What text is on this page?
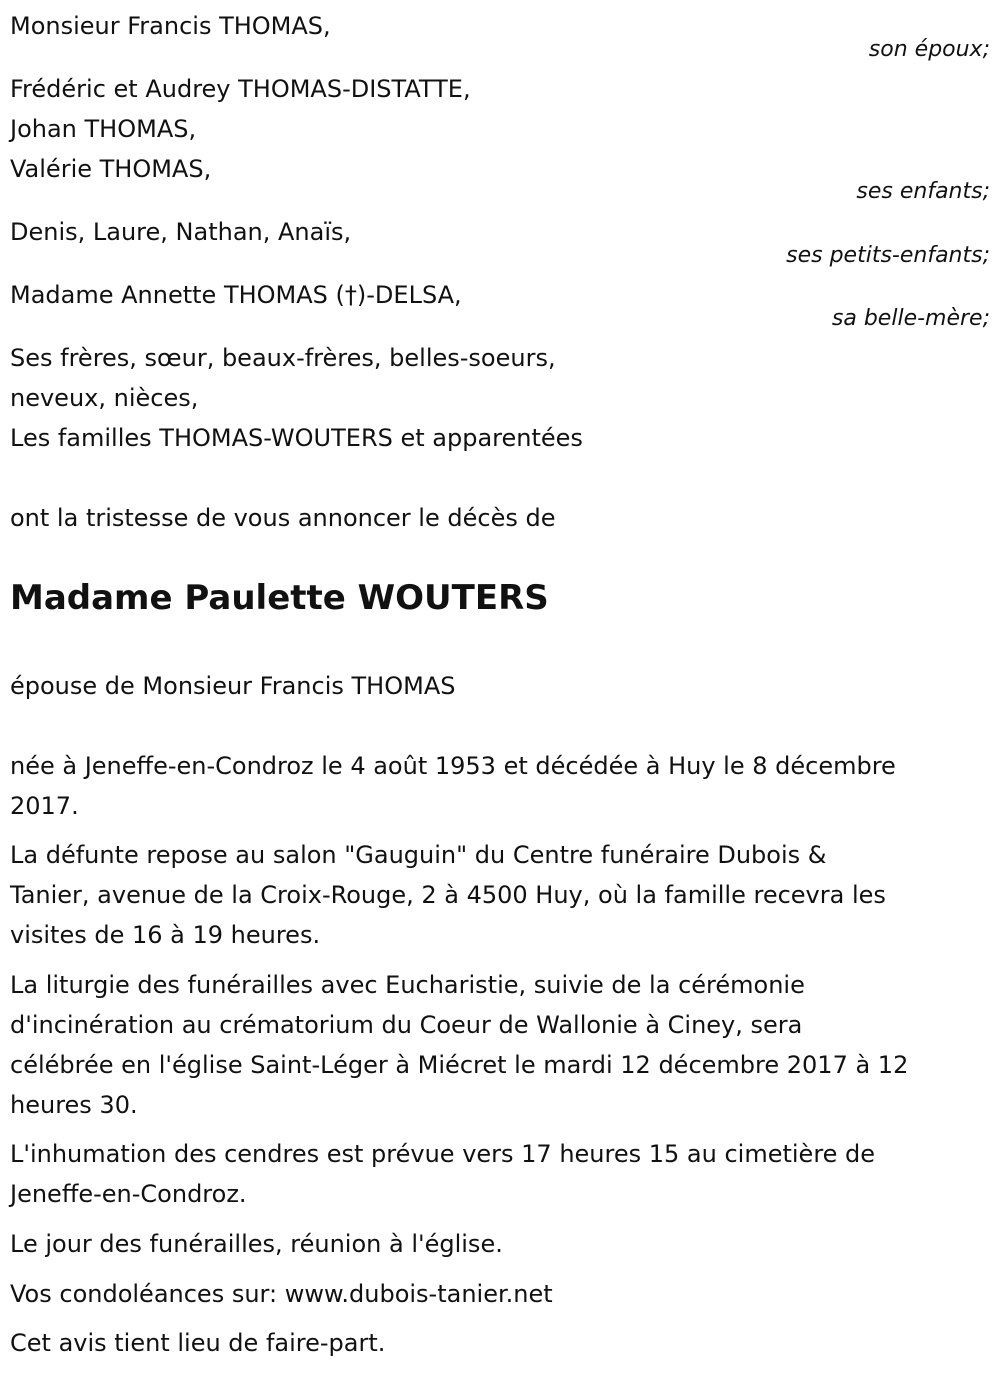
Monsieur Francis THOMAS,
son époux;
Frédéric et Audrey THOMAS-DISTATTE,
Johan THOMAS,
Valérie THOMAS,
ses enfants;
Denis, Laure, Nathan, Anaïs,
ses petits-enfants;
Madame Annette THOMAS (†)-DELSA,
sa belle-mère;
Ses frères, sœur, beaux-frères, belles-soeurs,
neveux, nièces,
Les familles THOMAS-WOUTERS et apparentées
ont la tristesse de vous annoncer le décès de
Madame Paulette WOUTERS
épouse de Monsieur Francis THOMAS
née à Jeneffe-en-Condroz le 4 août 1953 et décédée à Huy le 8 décembre
2017.
La défunte repose au salon "Gauguin" du Centre funéraire Dubois &
Tanier, avenue de la Croix-Rouge, 2 à 4500 Huy, où la famille recevra les
visites de 16 à 19 heures.
La liturgie des funérailles avec Eucharistie, suivie de la cérémonie
d'incinération au crématorium du Coeur de Wallonie à Ciney, sera
célébrée en l'église Saint-Léger à Miécret le mardi 12 décembre 2017 à 12
heures 30.
L'inhumation des cendres est prévue vers 17 heures 15 au cimetière de
Jeneffe-en-Condroz.
Le jour des funérailles, réunion à l'église.
Vos condoléances sur: www.dubois-tanier.net
Cet avis tient lieu de faire-part.
